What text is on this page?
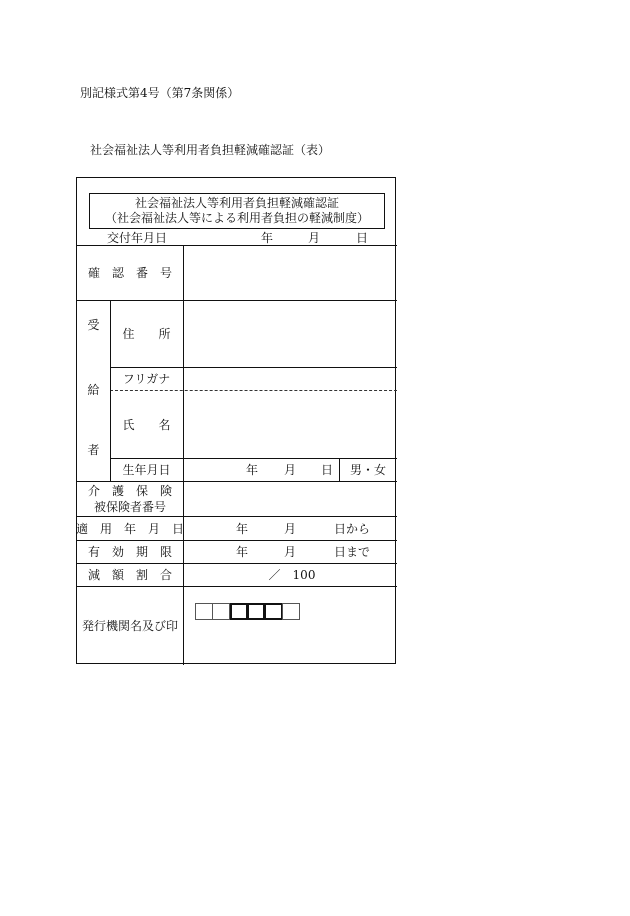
別記様式第4号（第7条関係）
社会福祉法人等利用者負担軽減確認証（表）
社会福祉法人等利用者負担軽減確認証
（社会福祉法人等による利用者負担の軽減制度）
交付年月日	年	月	日
確　認　番　号
受
給
者
住　　所
フリガナ
氏　　名
生年月日	年 月 日	男・女
介　護　保　険
被保険者番号
適　用　年　月　日	年	月	日から
有　効　期　限	年	月	日まで
減　額　割　合	／　100
発行機関名及び印
